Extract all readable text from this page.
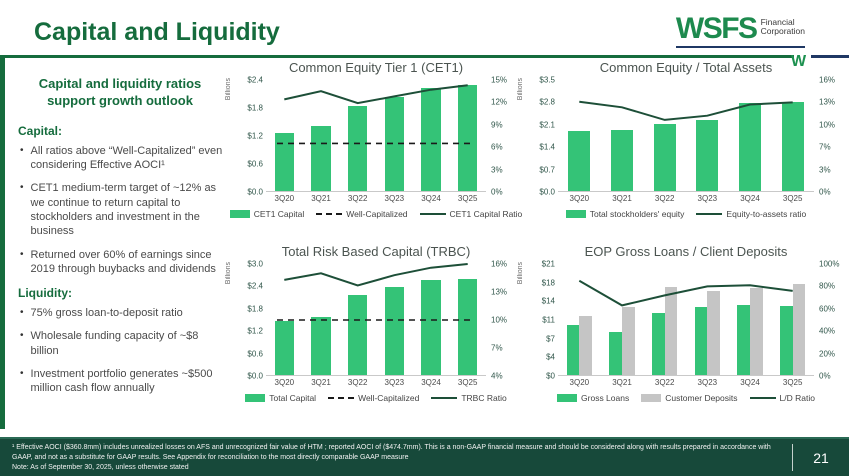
Capital and Liquidity	WSFS Financial
Corporation
W
Capital and liquidity ratios support growth outlook
Capital:
• All ratios above “Well-Capitalized” even considering Effective AOCI¹
• CET1 medium-term target of ~12% as we continue to return capital to stockholders and investment in the business
• Returned over 60% of earnings since 2019 through buybacks and dividends
Liquidity:
• 75% gross loan-to-deposit ratio
• Wholesale funding capacity of ~$8 billion
• Investment portfolio generates ~$500 million cash flow annually
Common Equity Tier 1 (CET1)
$2.4
$1.8
$1.2
$0.6
$0.0
Billions
3Q20 3Q21 3Q22 3Q23 3Q24 3Q25
15%
12%
9%
6%
3%
0%
CET1 Capital	Well-Capitalized	CET1 Capital Ratio
Common Equity / Total Assets
$3.5
$2.8
$2.1
$1.4
$0.7
$0.0
Billions
3Q20	3Q21	3Q22	3Q23	3Q24	3Q25
16%
13%
10%
7%
3%
0%
Total stockholders' equity	Equity-to-assets ratio
Total Risk Based Capital (TRBC)
$3.0
$2.4
$1.8
$1.2
$0.6
$0.0
Billions
3Q20 3Q21 3Q22 3Q23 3Q24 3Q25
16%
13%
10%
7%
4%
Total Capital	Well-Capitalized	TRBC Ratio
EOP Gross Loans / Client Deposits
$21
$18
$14
$11
$7
$4
$0
Billions
3Q20	3Q21	3Q22	3Q23	3Q24	3Q25
100%
80%
60%
40%
20%
0%
Gross Loans	Customer Deposits	L/D Ratio
¹ Effective AOCI ($360.8mm) includes unrealized losses on AFS and unrecognized fair value of HTM ; reported AOCI of ($474.7mm). This is a non-GAAP financial measure and should be considered along with results prepared in accordance with GAAP, and not as a substitute for GAAP results. See Appendix for reconciliation to the most directly comparable GAAP measure
Note: As of September 30, 2025, unless otherwise stated
21
